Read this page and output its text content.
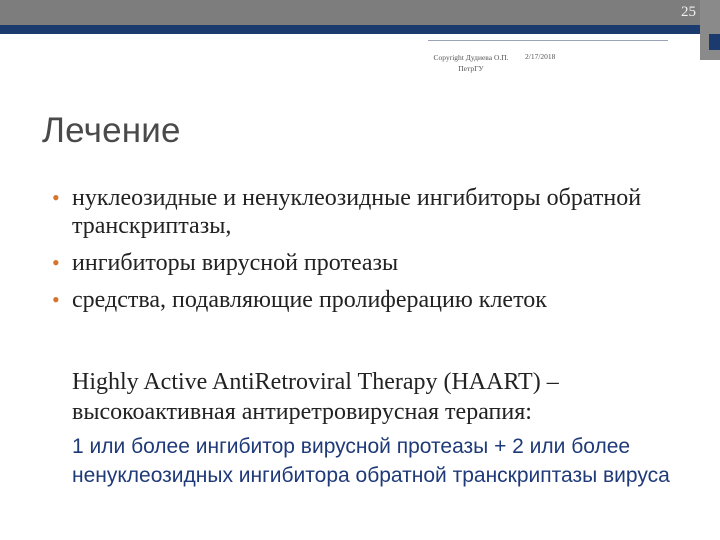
25
Copyright Дудиева О.П. ПетрГУ
2/17/2018
Лечение
• нуклеозидные и ненуклеозидные ингибиторы обратной транскриптазы,
• ингибиторы вирусной протеазы
• средства, подавляющие пролиферацию клеток
Highly Active AntiRetroviral Therapy (HAART) – высокоактивная антиретровирусная терапия:
1 или более ингибитор вирусной протеазы + 2 или более ненуклеозидных ингибитора обратной транскриптазы вируса
